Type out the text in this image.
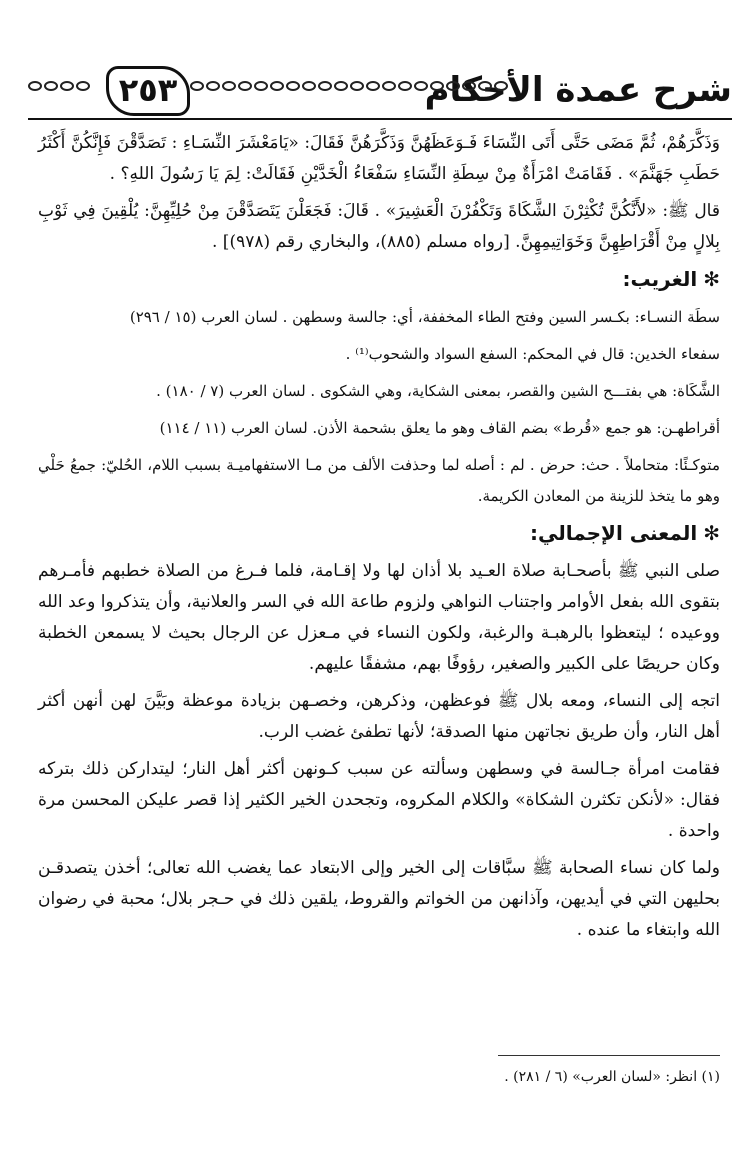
شرح عمدة الأحكام
٢٥٣

وَذَكَّرَهُمْ، ثُمَّ مَضَى حَتَّى أَتَى النِّسَاءَ فَـوَعَظَهُنَّ وَذَكَّرَهُنَّ فَقَالَ: «يَامَعْشَرَ النِّسَـاءِ : تَصَدَّقْنَ فَإِنَّكُنَّ أَكْثَرُ حَطَبِ جَهَنَّمَ» . فَقَامَتْ امْرَأَةٌ مِنْ سِطَةِ النِّسَاءِ سَفْعَاءُ الْخَدَّيْنِ فَقَالَتْ: لِمَ يَا رَسُولَ اللهِ؟ .

قال ﷺ: «لأَنَّكُنَّ تُكْثِرْنَ الشَّكَاةَ وَتَكْفُرْنَ الْعَشِيرَ» . قَالَ: فَجَعَلْنَ يَتَصَدَّقْنَ مِنْ حُلِيِّهِنَّ: يُلْقِينَ فِي ثَوْبِ بِلالٍ مِنْ أَقْرَاطِهِنَّ وَخَوَاتِيمِهِنَّ. [رواه مسلم (٨٨٥)، والبخاري رقم (٩٧٨)] .

✻الغريب:

سطَة النسـاء: بكـسر السين وفتح الطاء المخففة، أي: جالسة وسطهن . لسان العرب (١٥ / ٢٩٦)

سفعاء الخدين: قال في المحكم: السفع السواد والشحوب⁽¹⁾ .

الشَّكَاة: هي بفتـــح الشين والقصر، بمعنى الشكاية، وهي الشكوى . لسان العرب (٧ / ١٨٠) .

أقراطهـن: هو جمع «قُرط» بضم القاف وهو ما يعلق بشحمة الأذن. لسان العرب (١١ / ١١٤)

متوكـئًا: متحاملاً . حث: حرض . لم : أصله لما وحذفت الألف من مـا الاستفهاميـة بسبب اللام، الحُليّ: جمعُ حَلْي وهو ما يتخذ للزينة من المعادن الكريمة.

✻المعنى الإجمالي:

صلى النبي ﷺ بأصحـابة صلاة العـيد بلا أذان لها ولا إقـامة، فلما فـرغ من الصلاة خطبهم فأمـرهم بتقوى الله بفعل الأوامر واجتناب النواهي ولزوم طاعة الله في السر والعلانية، وأن يتذكروا وعد الله ووعيده ؛ ليتعظوا بالرهبـة والرغبة، ولكون النساء في مـعزل عن الرجال بحيث لا يسمعن الخطبة وكان حريصًا على الكبير والصغير، رؤوفًا بهم، مشفقًا عليهم.

اتجه إلى النساء، ومعه بلال ﷺ فوعظهن، وذكرهن، وخصـهن بزيادة موعظة وبَيَّنَ لهن أنهن أكثر أهل النار، وأن طريق نجاتهن منها الصدقة؛ لأنها تطفئ غضب الرب.

فقامت امرأة جـالسة في وسطهن وسألته عن سبب كـونهن أكثر أهل النار؛ ليتداركن ذلك بتركه فقال: «لأنكن تكثرن الشكاة» والكلام المكروه، وتجحدن الخير الكثير إذا قصر عليكن المحسن مرة واحدة .

ولما كان نساء الصحابة ﷺ سبَّاقات إلى الخير وإلى الابتعاد عما يغضب الله تعالى؛ أخذن يتصدقـن بحليهن التي في أيديهن، وآذانهن من الخواتم والقروط، يلقين ذلك في حـجر بلال؛ محبة في رضوان الله وابتغاء ما عنده .

(١) انظر: «لسان العرب» (٦ / ٢٨١) .
